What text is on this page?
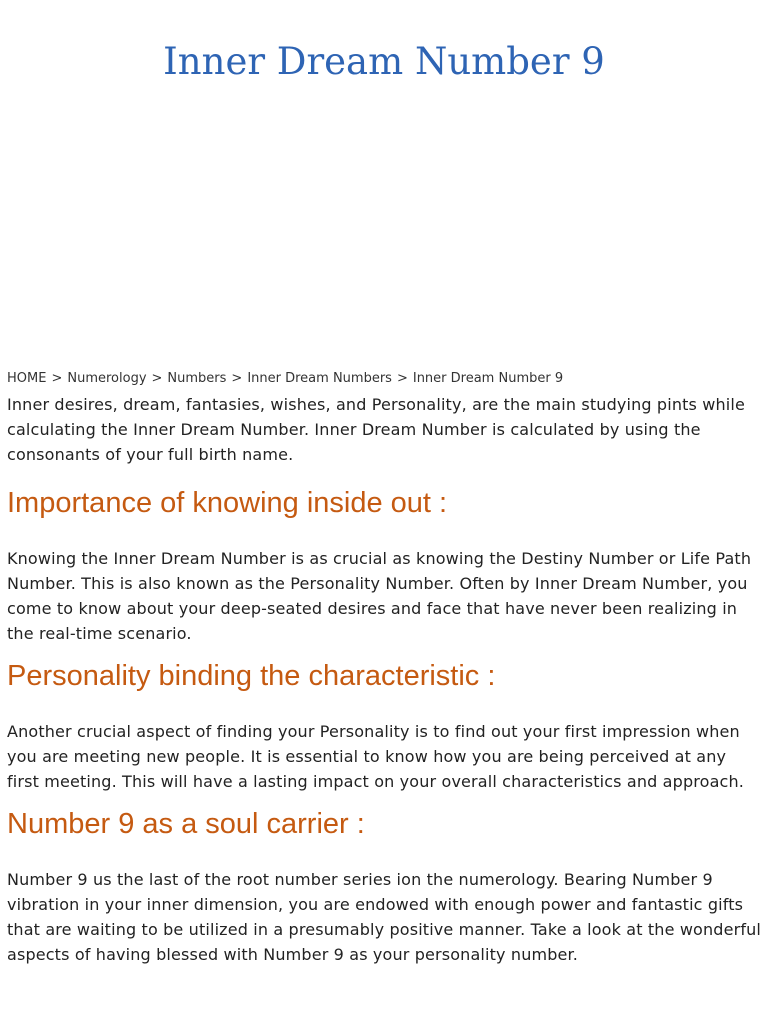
Inner Dream Number 9
HOME > Numerology > Numbers > Inner Dream Numbers > Inner Dream Number 9

Inner desires, dream, fantasies, wishes, and Personality, are the main studying pints while calculating the Inner Dream Number. Inner Dream Number is calculated by using the consonants of your full birth name.

Importance of knowing inside out :

Knowing the Inner Dream Number is as crucial as knowing the Destiny Number or Life Path Number. This is also known as the Personality Number. Often by Inner Dream Number, you come to know about your deep-seated desires and face that have never been realizing in the real-time scenario.

Personality binding the characteristic :

Another crucial aspect of finding your Personality is to find out your first impression when you are meeting new people. It is essential to know how you are being perceived at any first meeting. This will have a lasting impact on your overall characteristics and approach.

Number 9 as a soul carrier :

Number 9 us the last of the root number series ion the numerology. Bearing Number 9 vibration in your inner dimension, you are endowed with enough power and fantastic gifts that are waiting to be utilized in a presumably positive manner. Take a look at the wonderful aspects of having blessed with Number 9 as your personality number.
